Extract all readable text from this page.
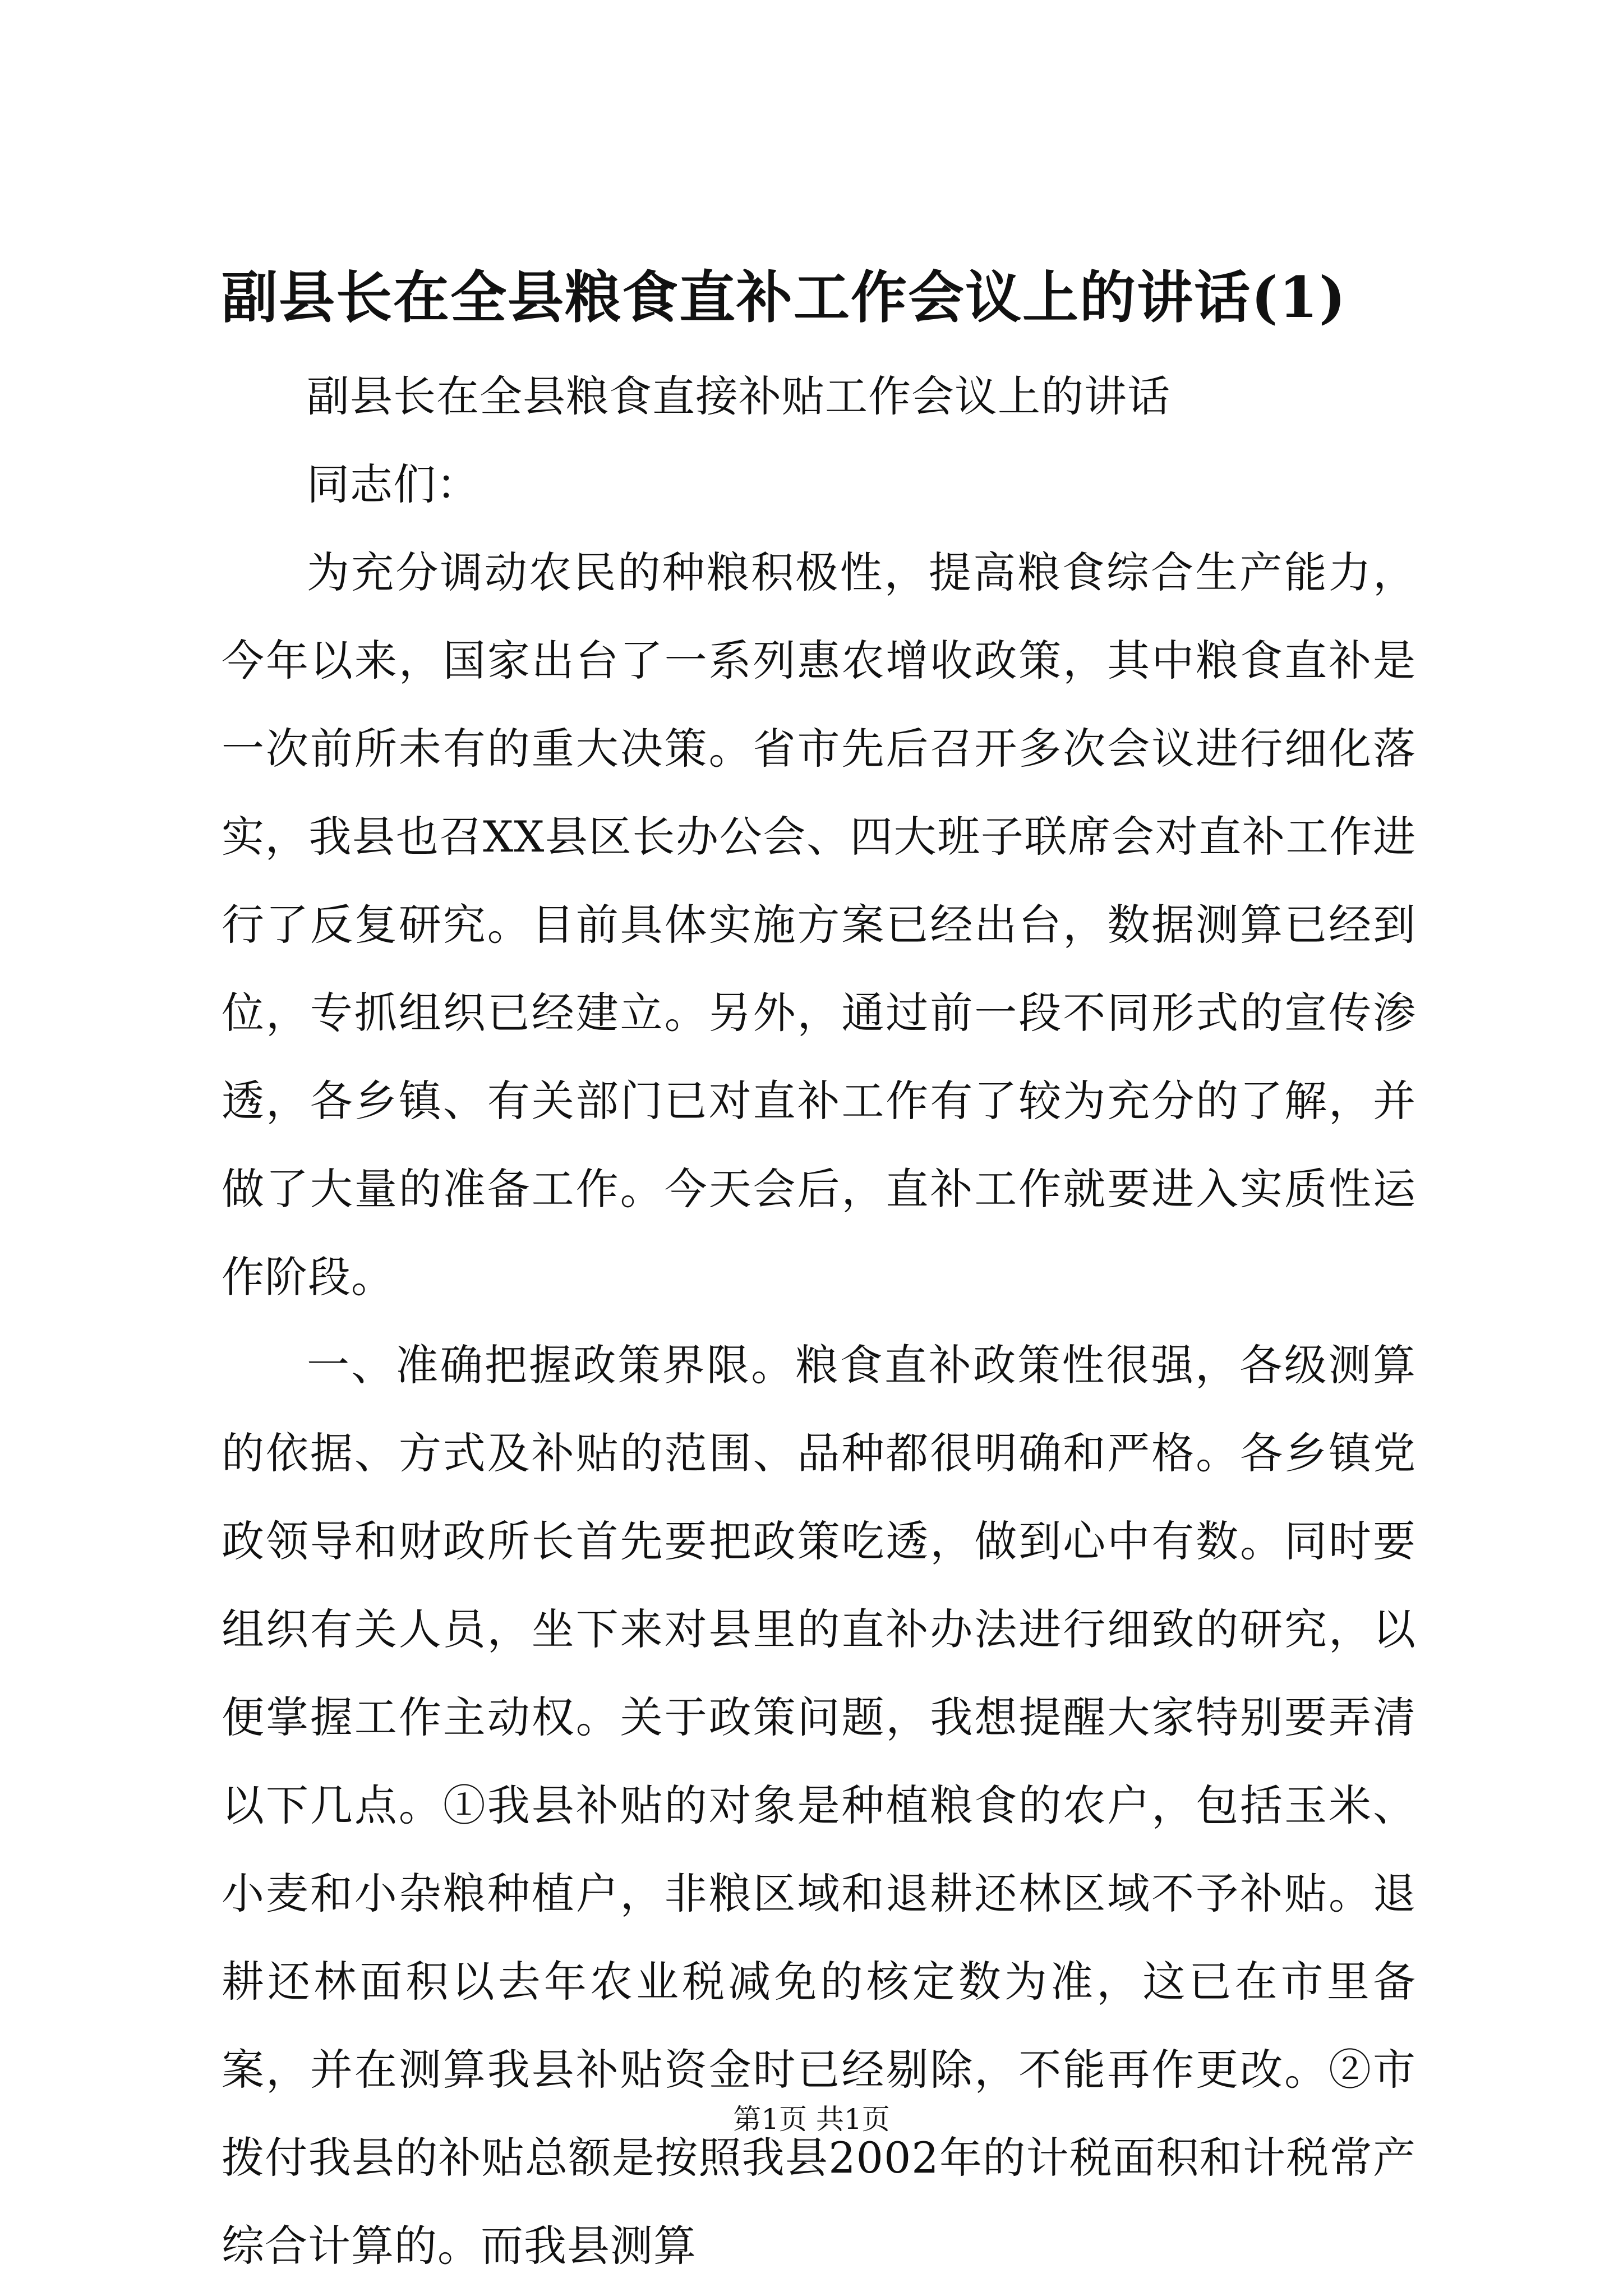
副县长在全县粮食直补工作会议上的讲话(1)

副县长在全县粮食直接补贴工作会议上的讲话

同志们：

为充分调动农民的种粮积极性，提高粮食综合生产能力，今年以来，国家出台了一系列惠农增收政策，其中粮食直补是一次前所未有的重大决策。省市先后召开多次会议进行细化落实，我县也召XX县区长办公会、四大班子联席会对直补工作进行了反复研究。目前具体实施方案已经出台，数据测算已经到位，专抓组织已经建立。另外，通过前一段不同形式的宣传渗透，各乡镇、有关部门已对直补工作有了较为充分的了解，并做了大量的准备工作。今天会后，直补工作就要进入实质性运作阶段。

一、准确把握政策界限。粮食直补政策性很强，各级测算的依据、方式及补贴的范围、品种都很明确和严格。各乡镇党政领导和财政所长首先要把政策吃透，做到心中有数。同时要组织有关人员，坐下来对县里的直补办法进行细致的研究，以便掌握工作主动权。关于政策问题，我想提醒大家特别要弄清以下几点。①我县补贴的对象是种植粮食的农户，包括玉米、小麦和小杂粮种植户，非粮区域和退耕还林区域不予补贴。退耕还林面积以去年农业税减免的核定数为准，这已在市里备案，并在测算我县补贴资金时已经剔除，不能再作更改。②市拨付我县的补贴总额是按照我县2002年的计税面积和计税常产综合计算的。而我县测算

第1页 共1页
